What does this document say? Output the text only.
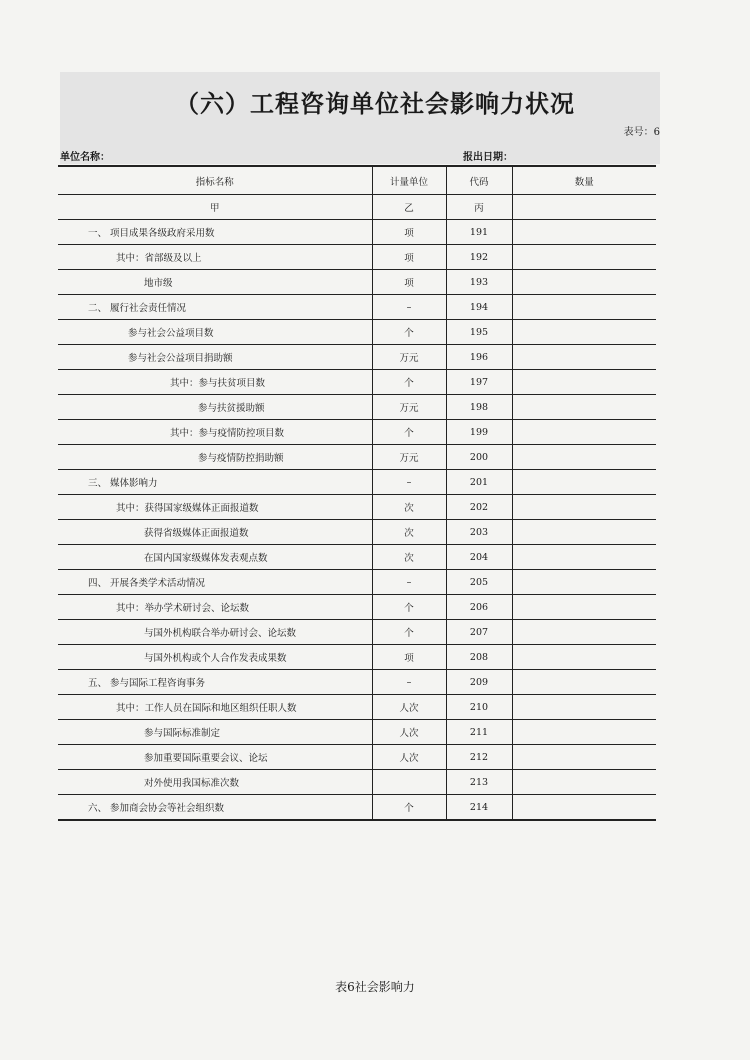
（六）工程咨询单位社会影响力状况
表号：6
单位名称：	报出日期：
指标名称	计量单位	代码	数量
甲	乙	丙	
一、 项目成果各级政府采用数	项	191	
其中：省部级及以上	项	192	
地市级	项	193	
二、 履行社会责任情况	–	194	
参与社会公益项目数	个	195	
参与社会公益项目捐助额	万元	196	
其中：参与扶贫项目数	个	197	
参与扶贫援助额	万元	198	
其中：参与疫情防控项目数	个	199	
参与疫情防控捐助额	万元	200	
三、 媒体影响力	–	201	
其中：获得国家级媒体正面报道数	次	202	
获得省级媒体正面报道数	次	203	
在国内国家级媒体发表观点数	次	204	
四、 开展各类学术活动情况	–	205	
其中：举办学术研讨会、论坛数	个	206	
与国外机构联合举办研讨会、论坛数	个	207	
与国外机构或个人合作发表成果数	项	208	
五、 参与国际工程咨询事务	–	209	
其中：工作人员在国际和地区组织任职人数	人次	210	
参与国际标准制定	人次	211	
参加重要国际重要会议、论坛	人次	212	
对外使用我国标准次数		213	
六、 参加商会协会等社会组织数	个	214	
表6社会影响力
